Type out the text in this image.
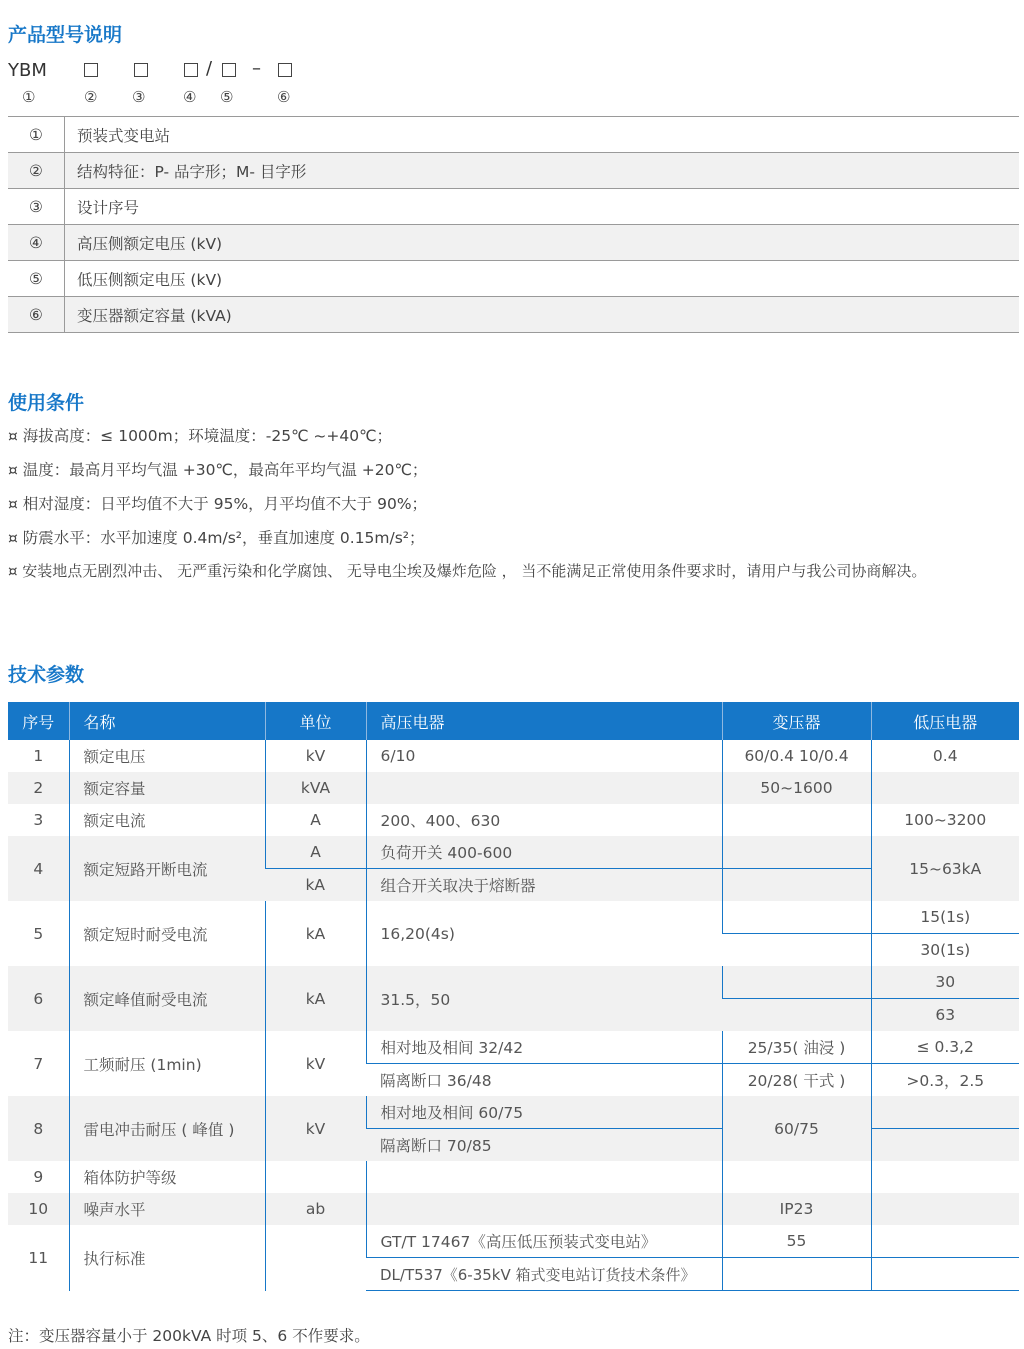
产品型号说明
YBM	/ –
①	② ③	④ ⑤	⑥
①	预装式变电站
②	结构特征：P- 品字形；M- 目字形
③	设计序号
④	高压侧额定电压 (kV)
⑤	低压侧额定电压 (kV)
⑥	变压器额定容量 (kVA)
使用条件
¤ 海拔高度：≤ 1000m；环境温度：-25℃ ~+40℃；
¤ 温度：最高月平均气温 +30℃，最高年平均气温 +20℃；
¤ 相对湿度：日平均值不大于 95%，月平均值不大于 90%；
¤ 防震水平：水平加速度 0.4m/s²，垂直加速度 0.15m/s²；
¤ 安装地点无剧烈冲击、 无严重污染和化学腐蚀、 无导电尘埃及爆炸危险 ， 当不能满足正常使用条件要求时，请用户与我公司协商解决。
技术参数
序号	名称	单位	高压电器	变压器	低压电器
1	额定电压	kV	6/10	60/0.4 10/0.4	0.4
2	额定容量	kVA		50~1600	
3	额定电流	A	200、400、630		100~3200
4	额定短路开断电流	A	负荷开关 400-600		15~63kA
		kA	组合开关取决于熔断器		
5	额定短时耐受电流	kA	16,20(4s)		15(1s)
					30(1s)
6	额定峰值耐受电流	kA	31.5，50		30
					63
7	工频耐压 (1min)	kV	相对地及相间 32/42	25/35( 油浸 )	≤ 0.3,2
			隔离断口 36/48	20/28( 干式 )	>0.3，2.5
8	雷电冲击耐压 ( 峰值 )	kV	相对地及相间 60/75	60/75	
			隔离断口 70/85		
9	箱体防护等级				
10	噪声水平	ab		IP23	
11	执行标准		GT/T 17467《高压低压预装式变电站》	55	
			DL/T537《6-35kV 箱式变电站订货技术条件》		
注：变压器容量小于 200kVA 时项 5、6 不作要求。
